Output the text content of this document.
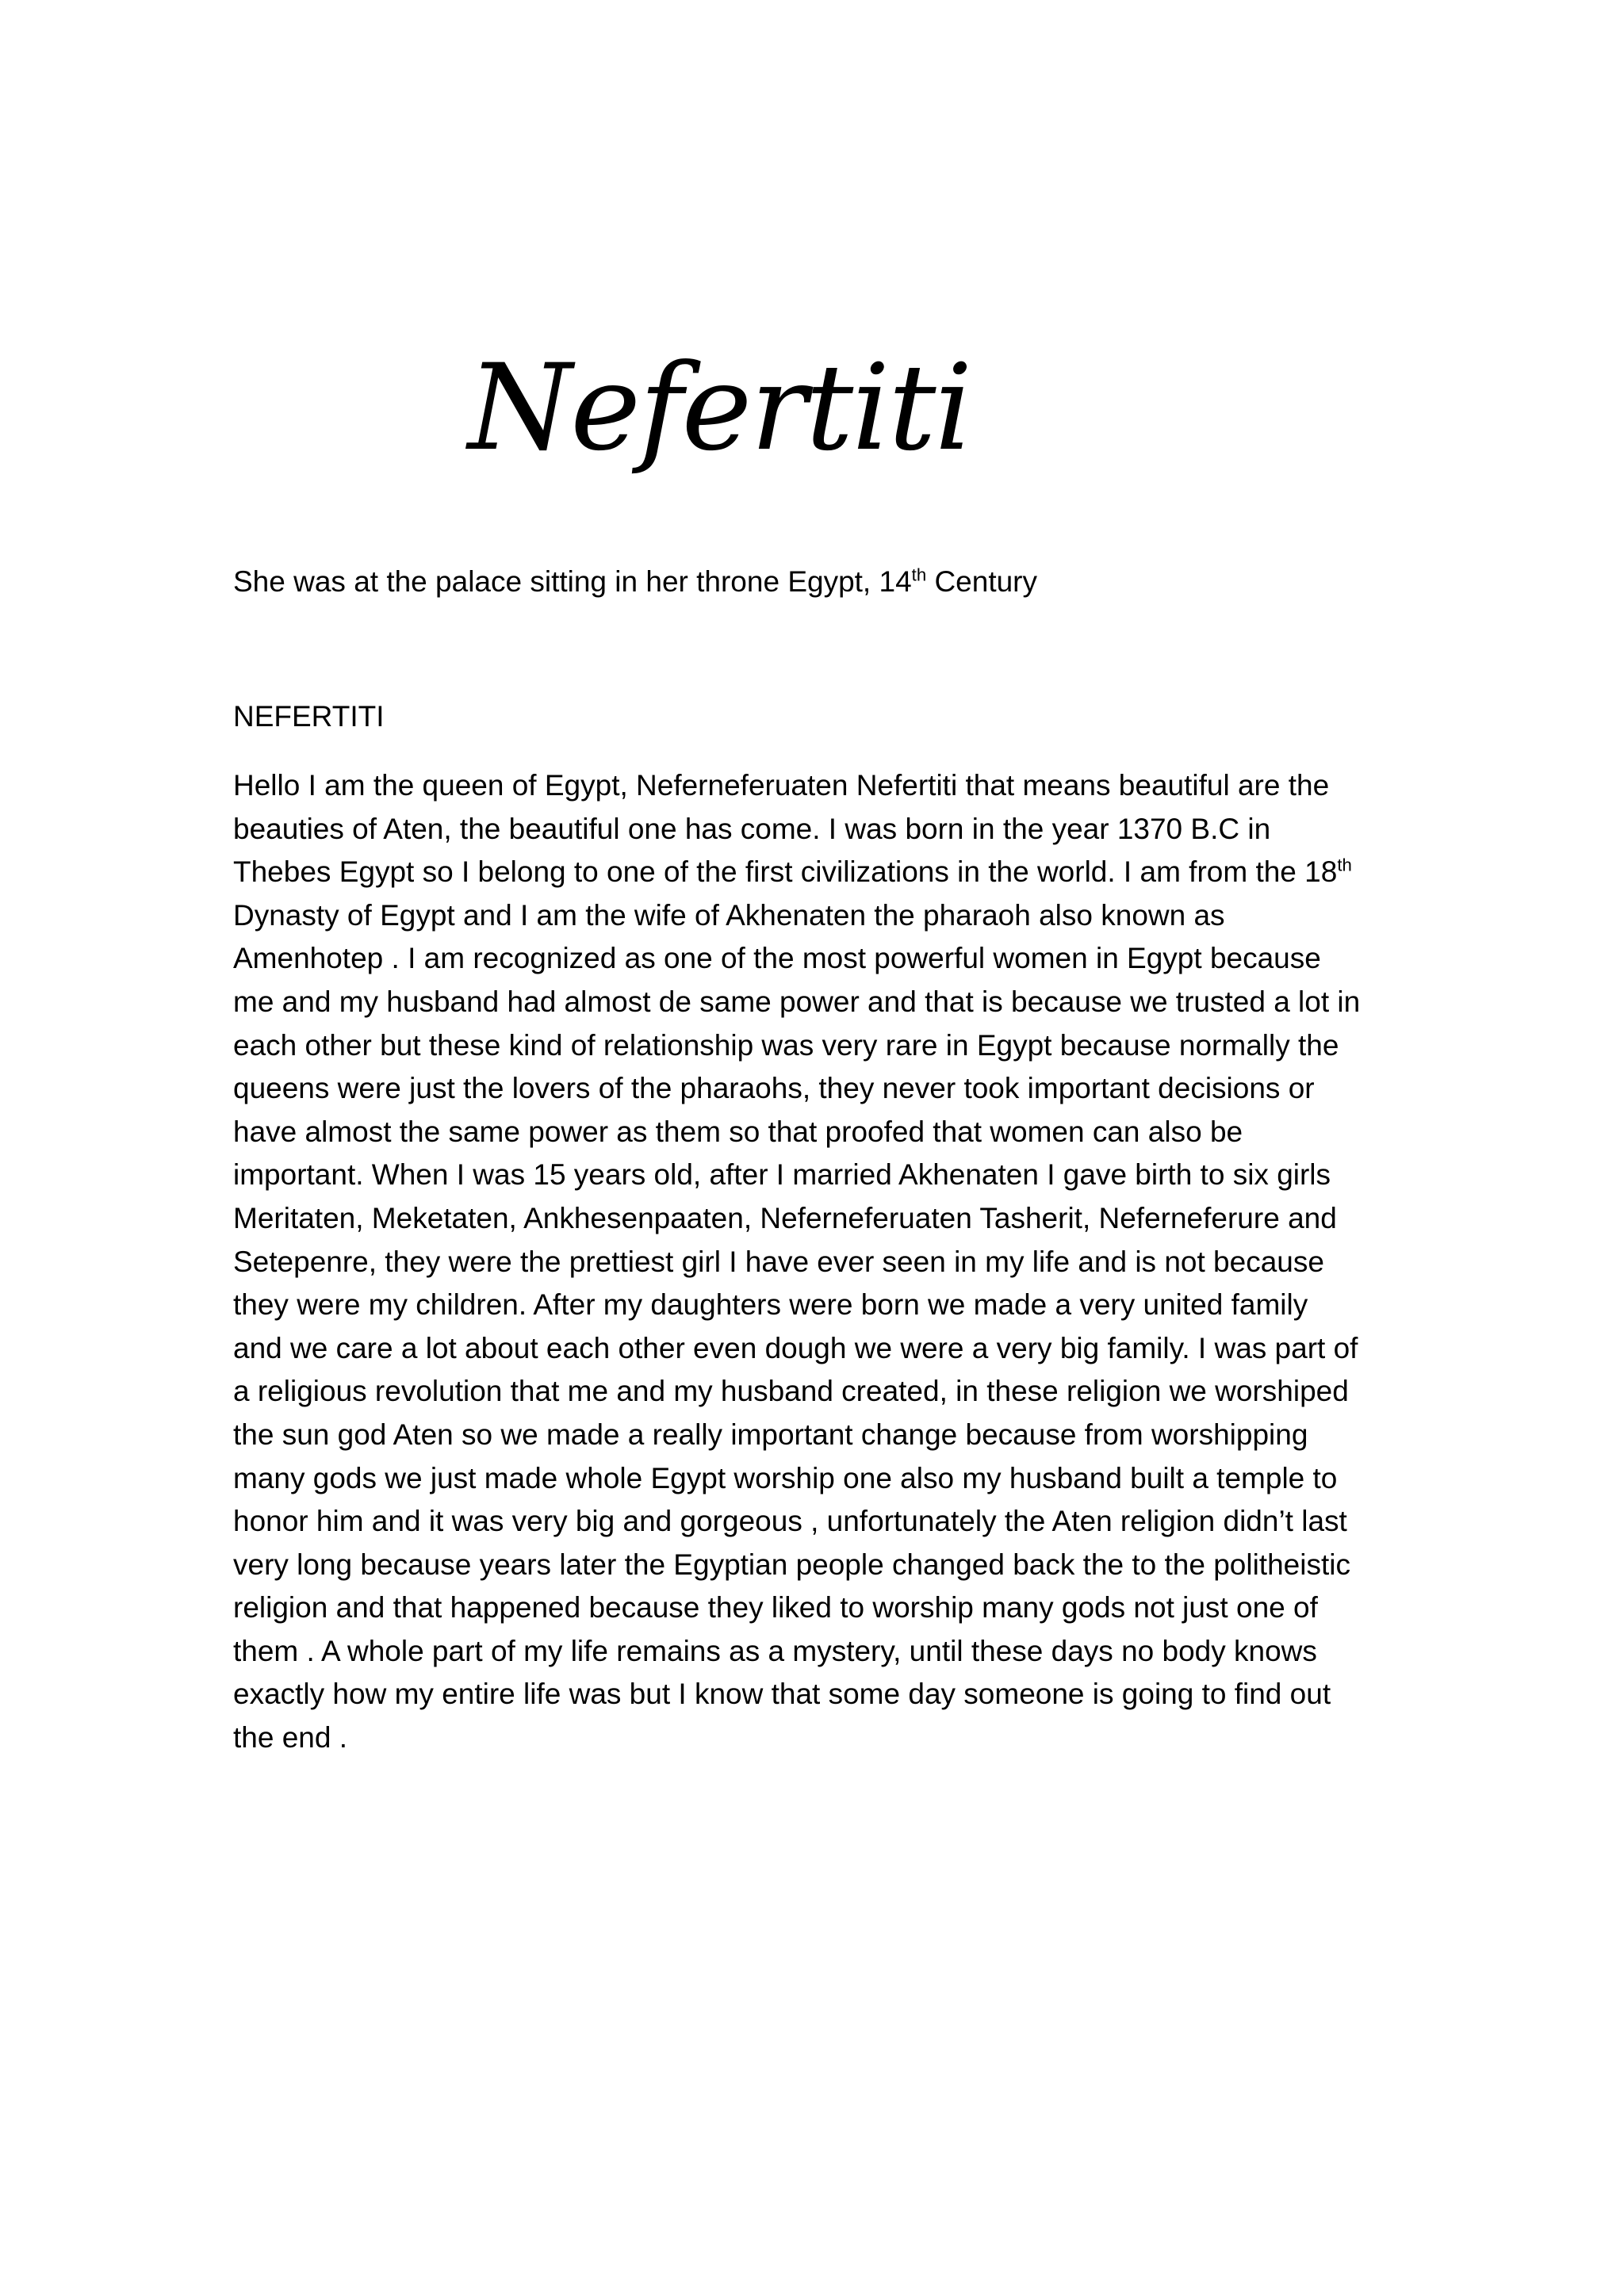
Nefertiti
She was at the palace sitting in her throne Egypt, 14th Century
NEFERTITI
Hello I am the queen of Egypt, Neferneferuaten Nefertiti that means beautiful are the
beauties of Aten, the beautiful one has come. I was born in the year 1370 B.C in
Thebes Egypt so I belong to one of the first civilizations in the world. I am from the 18th
Dynasty of Egypt and I am the wife of Akhenaten the pharaoh also known as
Amenhotep . I am recognized as one of the most powerful women in Egypt because
me and my husband had almost de same power and that is because we trusted a lot in
each other but these kind of relationship was very rare in Egypt because normally the
queens were just the lovers of the pharaohs, they never took important decisions or
have almost the same power as them so that proofed that women can also be
important. When I was 15 years old, after I married Akhenaten I gave birth to six girls
Meritaten, Meketaten, Ankhesenpaaten, Neferneferuaten Tasherit, Neferneferure and
Setepenre, they were the prettiest girl I have ever seen in my life and is not because
they were my children. After my daughters were born we made a very united family
and we care a lot about each other even dough we were a very big family. I was part of
a religious revolution that me and my husband created, in these religion we worshiped
the sun god Aten so we made a really important change because from worshipping
many gods we just made whole Egypt worship one also my husband built a temple to
honor him and it was very big and gorgeous , unfortunately the Aten religion didn’t last
very long because years later the Egyptian people changed back the to the politheistic
religion and that happened because they liked to worship many gods not just one of
them . A whole part of my life remains as a mystery, until these days no body knows
exactly how my entire life was but I know that some day someone is going to find out
the end .
